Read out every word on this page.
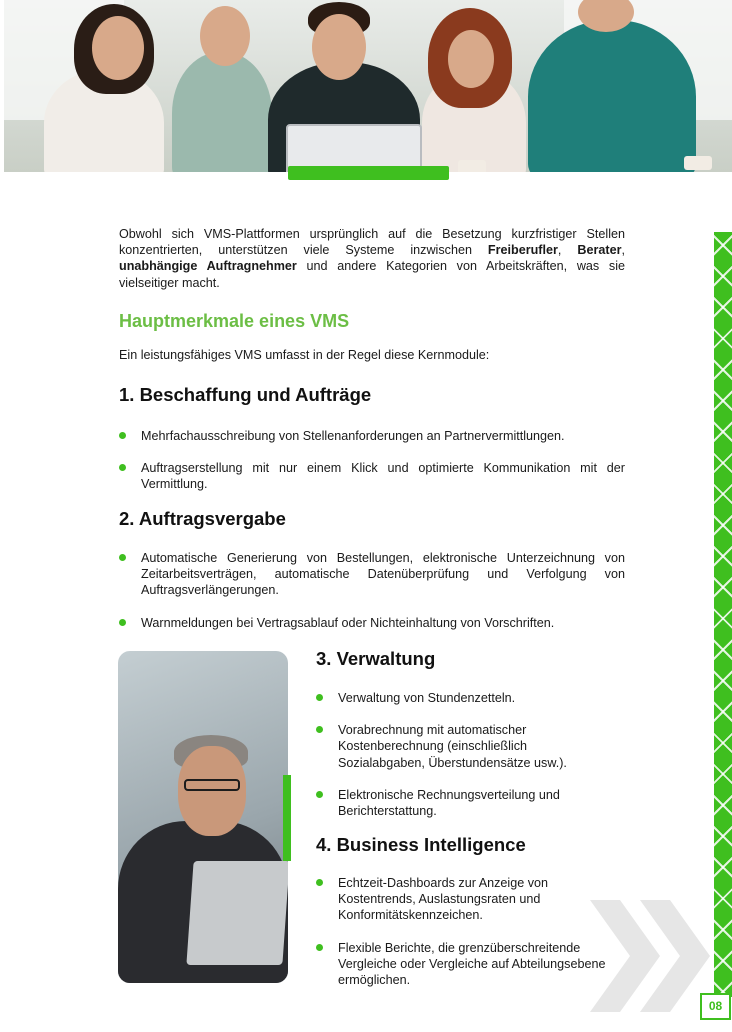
Obwohl sich VMS-Plattformen ursprünglich auf die Besetzung kurzfristiger Stellen konzentrierten, unterstützen viele Systeme inzwischen Freiberufler, Berater, unabhängige Auftragnehmer und andere Kategorien von Arbeitskräften, was sie vielseitiger macht.

Hauptmerkmale eines VMS

Ein leistungsfähiges VMS umfasst in der Regel diese Kernmodule:

1. Beschaffung und Aufträge
Mehrfachausschreibung von Stellenanforderungen an Partnervermittlungen.
Auftragserstellung mit nur einem Klick und optimierte Kommunikation mit der Vermittlung.
2. Auftragsvergabe
Automatische Generierung von Bestellungen, elektronische Unterzeichnung von Zeitarbeitsverträgen, automatische Datenüberprüfung und Verfolgung von Auftragsverlängerungen.
Warnmeldungen bei Vertragsablauf oder Nichteinhaltung von Vorschriften.
3. Verwaltung
Verwaltung von Stundenzetteln.
Vorabrechnung mit automatischer Kostenberechnung (einschließlich Sozialabgaben, Überstundensätze usw.).
Elektronische Rechnungsverteilung und Berichterstattung.
4. Business Intelligence
Echtzeit-Dashboards zur Anzeige von Kostentrends, Auslastungsraten und Konformitätskennzeichen.
Flexible Berichte, die grenzüberschreitende Vergleiche oder Vergleiche auf Abteilungsebene ermöglichen.
08
